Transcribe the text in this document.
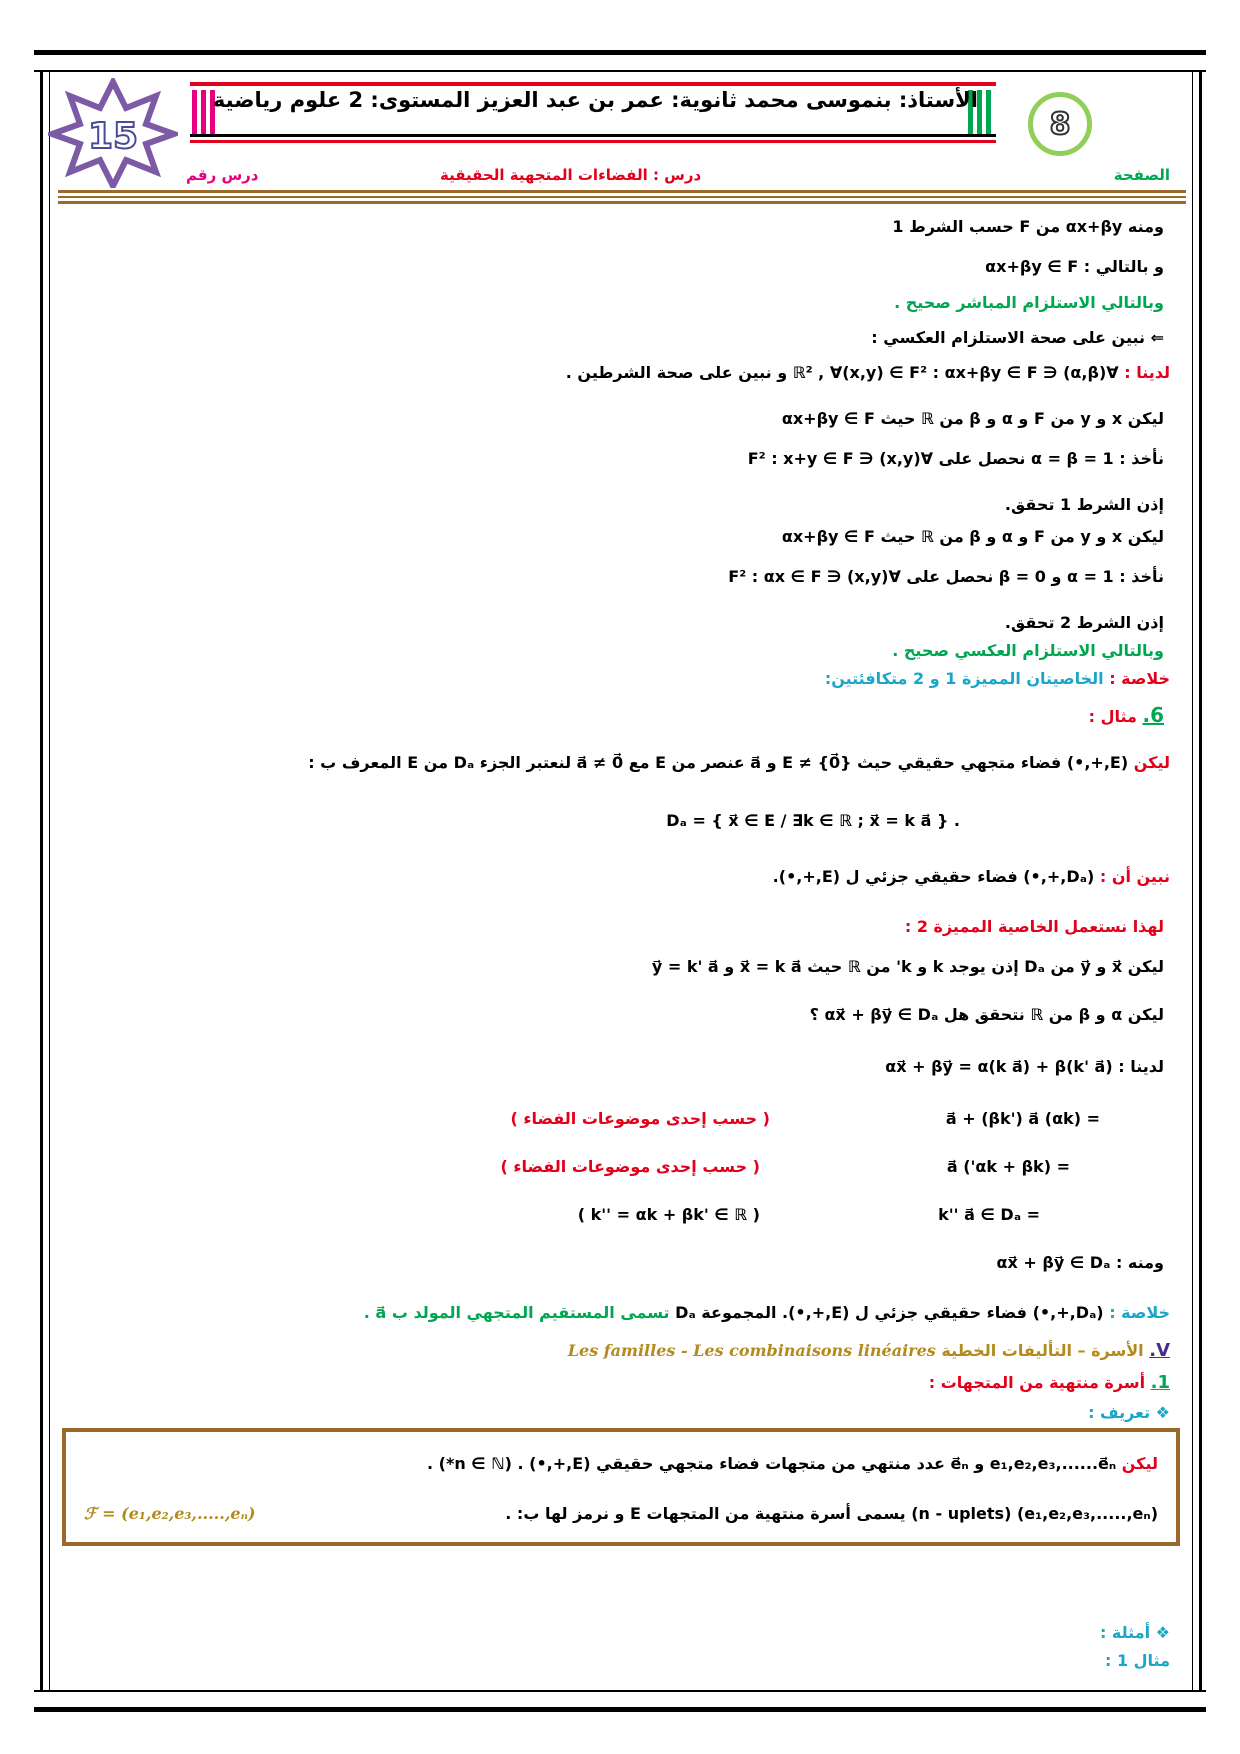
الأستاذ: بنموسى محمد ثانوية: عمر بن عبد العزيز المستوى: 2 علوم رياضية
8
15
الصفحة
درس : الفضاءات المتجهية الحقيقية
درس رقم
ومنه αx+βy من F حسب الشرط 1
و بالتالي : αx+βy ∈ F
وبالتالي الاستلزام المباشر صحيح .
⇐ نبين على صحة الاستلزام العكسي :
لدينا : ∀(α,β) ∈ ℝ² , ∀(x,y) ∈ F² : αx+βy ∈ F و نبين على صحة الشرطين .
ليكن x و y من F و α و β من ℝ حيث αx+βy ∈ F
نأخذ : α = β = 1 نحصل على ∀(x,y) ∈ F² : x+y ∈ F
إذن الشرط 1 تحقق.
ليكن x و y من F و α و β من ℝ حيث αx+βy ∈ F
نأخذ : α = 1 و β = 0 نحصل على ∀(x,y) ∈ F² : αx ∈ F
إذن الشرط 2 تحقق.
وبالتالي الاستلزام العكسي صحيح .
خلاصة : الخاصيتان المميزة 1 و 2 متكافئتين:
6. مثال :
ليكن (E,+,•) فضاء متجهي حقيقي حيث E ≠ {0⃗} و a⃗ عنصر من E مع a⃗ ≠ 0⃗ لنعتبر الجزء Dₐ من E المعرف ب :
. Dₐ = { x⃗ ∈ E / ∃k ∈ ℝ ; x⃗ = k a⃗ }
نبين أن : (Dₐ,+,•) فضاء حقيقي جزئي ل (E,+,•).
لهذا نستعمل الخاصية المميزة 2 :
ليكن x⃗ و y⃗ من Dₐ إذن يوجد k و k' من ℝ حيث x⃗ = k a⃗ و y⃗ = k' a⃗
ليكن α و β من ℝ نتحقق هل αx⃗ + βy⃗ ∈ Dₐ ؟
لدينا : αx⃗ + βy⃗ = α(k a⃗) + β(k' a⃗)
= (αk) a⃗ + (βk') a⃗
( حسب إحدى موضوعات الفضاء )
= (αk + βk') a⃗
( حسب إحدى موضوعات الفضاء )
= k'' a⃗ ∈ Dₐ
( k'' = αk + βk' ∈ ℝ )
ومنه : αx⃗ + βy⃗ ∈ Dₐ
خلاصة : (Dₐ,+,•) فضاء حقيقي جزئي ل (E,+,•). المجموعة Dₐ تسمى المستقيم المتجهي المولد ب a⃗ .
V. الأسرة – التأليفات الخطية Les familles - Les combinaisons linéaires
1. أسرة منتهية من المتجهات :
❖ تعريف :
ليكن e₁,e₂,e₃,......e⃗ₙ و e⃗ₙ عدد منتهي من متجهات فضاء متجهي حقيقي (E,+,•) . (n ∈ ℕ*) .
(e₁,e₂,e₃,.....,eₙ) (n - uplets) يسمى أسرة منتهية من المتجهات E و نرمز لها ب: .
ℱ = (e₁,e₂,e₃,.....,eₙ)
❖ أمثلة :
مثال 1 :
